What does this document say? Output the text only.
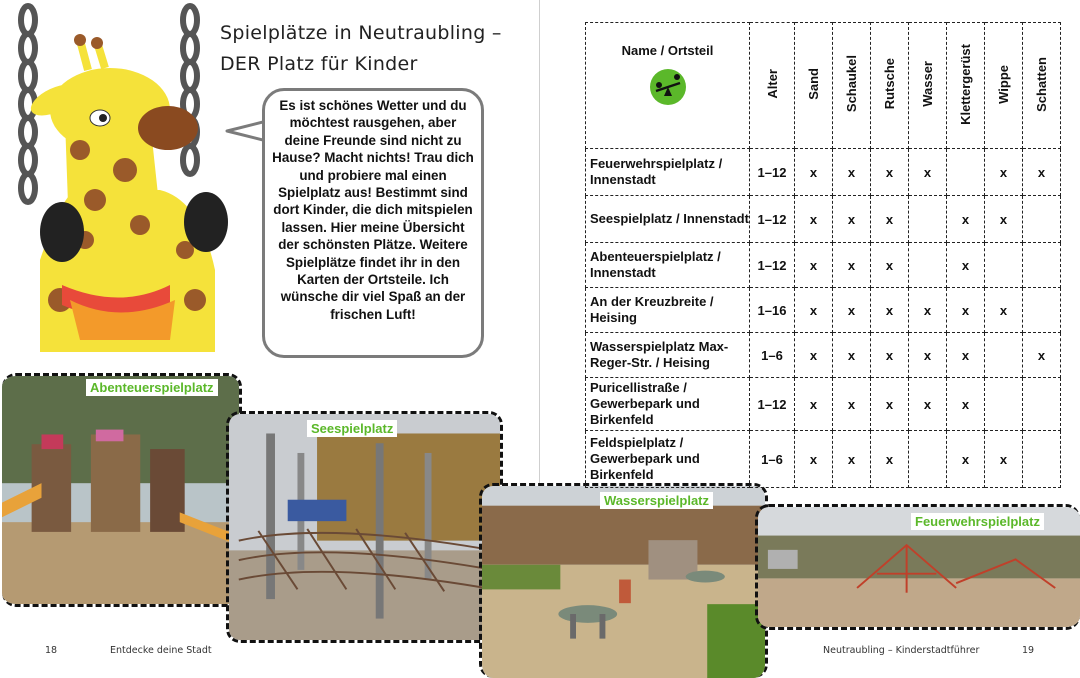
Spielplätze in Neutraubling –
DER Platz für Kinder

Es ist schönes Wetter und du möchtest rausgehen, aber deine Freunde sind nicht zu Hause? Macht nichts! Trau dich und probiere mal einen Spielplatz aus! Bestimmt sind dort Kinder, die dich mitspielen lassen. Hier meine Übersicht der schönsten Plätze. Weitere Spielplätze findet ihr in den Karten der Ortsteile. Ich wünsche dir viel Spaß an der frischen Luft!

Abenteuerspielplatz
Seespielplatz
Wasserspielplatz
Feuerwehrspielplatz
Name / Ortsteil	Alter	Sand	Schaukel	Rutsche	Wasser	Klettergerüst	Wippe	Schatten
Feuerwehrspielplatz / Innenstadt	1–12	x	x	x	x		x	x
Seespielplatz / Innenstadt	1–12	x	x	x		x	x	
Abenteuerspielplatz / Innenstadt	1–12	x	x	x		x		
An der Kreuzbreite / Heising	1–16	x	x	x	x	x	x	
Wasserspielplatz Max-Reger-Str. / Heising	1–6	x	x	x	x	x		x
Puricellistraße / Gewerbepark und Birkenfeld	1–12	x	x	x	x	x		
Feldspielplatz / Gewerbepark und Birkenfeld	1–6	x	x	x		x	x	
18	Entdecke deine Stadt	Neutraubling – Kinderstadtführer	19
